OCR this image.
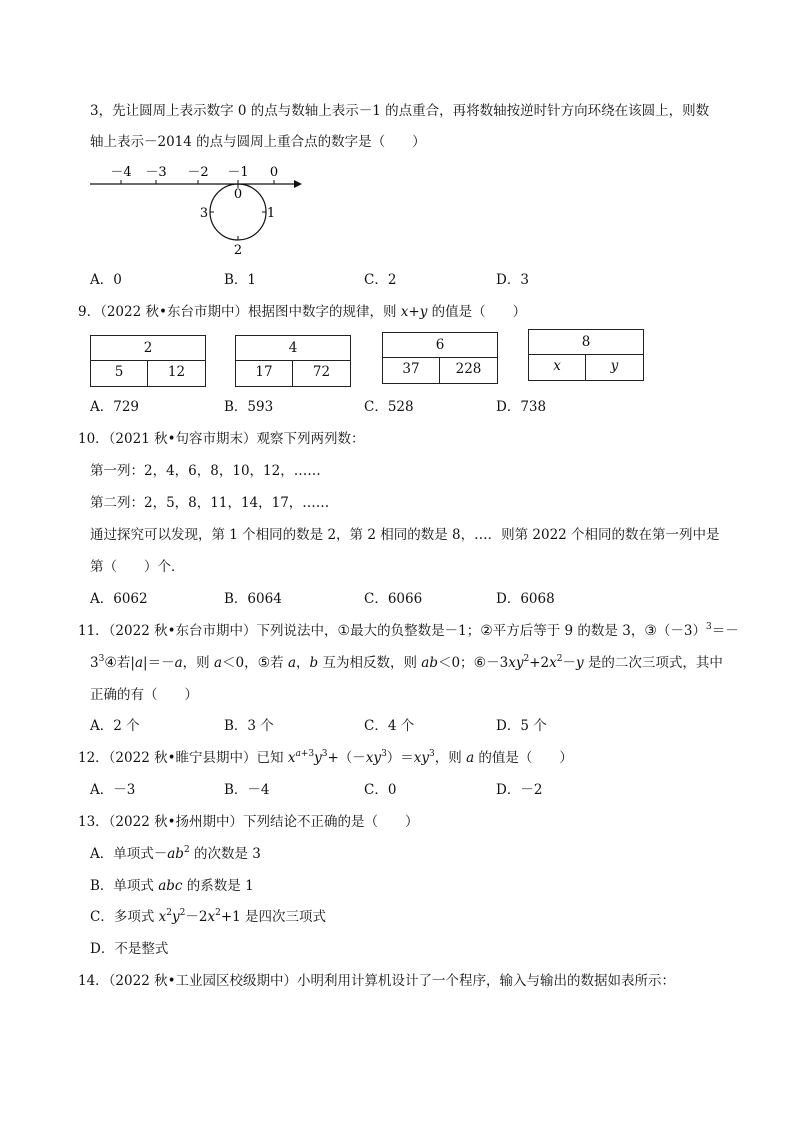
3，先让圆周上表示数字 0 的点与数轴上表示－1 的点重合，再将数轴按逆时针方向环绕在该圆上，则数
轴上表示－2014 的点与圆周上重合点的数字是（　　）
－4 －3 －2 －1 0
0
3	1
2
A．0	B．1	C．2	D．3
9．（2022 秋•东台市期中）根据图中数字的规律，则 x+y 的值是（　　）
2
5	12
4
17	72
6
37	228
8
x	y
A．729	B．593	C．528	D．738
10．（2021 秋•句容市期末）观察下列两列数：
第一列：2，4，6，8，10，12，……
第二列：2，5，8，11，14，17，……
通过探究可以发现，第 1 个相同的数是 2，第 2 相同的数是 8，…．则第 2022 个相同的数在第一列中是
第（　　）个．
A．6062	B．6064	C．6066	D．6068
11．（2022 秋•东台市期中）下列说法中，①最大的负整数是－1；②平方后等于 9 的数是 3，$③(-3)^3=-$
$3^3④$若|a|＝－a，则 a＜0，⑤若 a，b 互为相反数，则 ab＜0；$⑥-3xy^2+2x^2-y$ 是的二次三项式，其中
正确的有（　　）
A．2 个	B．3 个	C．4 个	D．5 个
12．（2022 秋•睢宁县期中）已知 $x^{a+3}y^3+(-xy^3)=xy^3$，则 a 的值是（　　）
A．－3	B．－4	C．0	D．－2
13．（2022 秋•扬州期中）下列结论不正确的是（　　）
A．单项式$-ab^2$ 的次数是 3
B．单项式 abc 的系数是 1
C．多项式 $x^2y^2-2x^2+1$ 是四次三项式
D．不是整式
14．（2022 秋•工业园区校级期中）小明利用计算机设计了一个程序，输入与输出的数据如表所示：
